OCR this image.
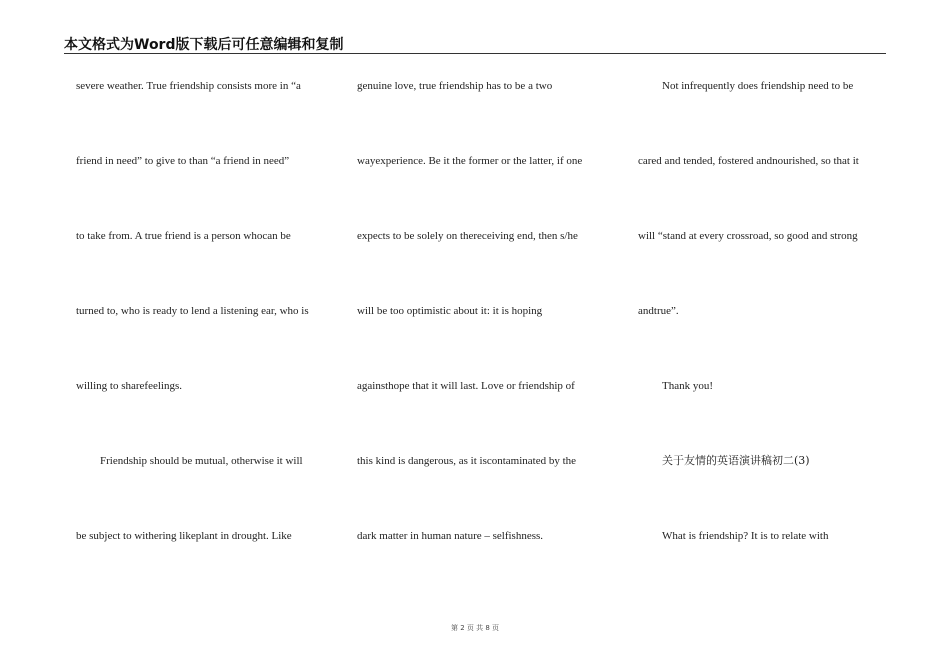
本文格式为Word版下载后可任意编辑和复制
severe weather. True friendship consists more in “a
friend in need” to give to than “a friend in need”
to take from. A true friend is a person whocan be
turned to, who is ready to lend a listening ear, who is
willing to sharefeelings.
Friendship should be mutual, otherwise it will
be subject to withering likeplant in drought. Like
genuine love, true friendship has to be a two
wayexperience. Be it the former or the latter, if one
expects to be solely on thereceiving end, then s/he
will be too optimistic about it: it is hoping
againsthope that it will last. Love or friendship of
this kind is dangerous, as it iscontaminated by the
dark matter in human nature – selfishness.
Not infrequently does friendship need to be
cared and tended, fostered andnourished, so that it
will “stand at every crossroad, so good and strong
andtrue”.
Thank you!
关于友情的英语演讲稿初二(3)
What is friendship? It is to relate with
第 2 页 共 8 页
